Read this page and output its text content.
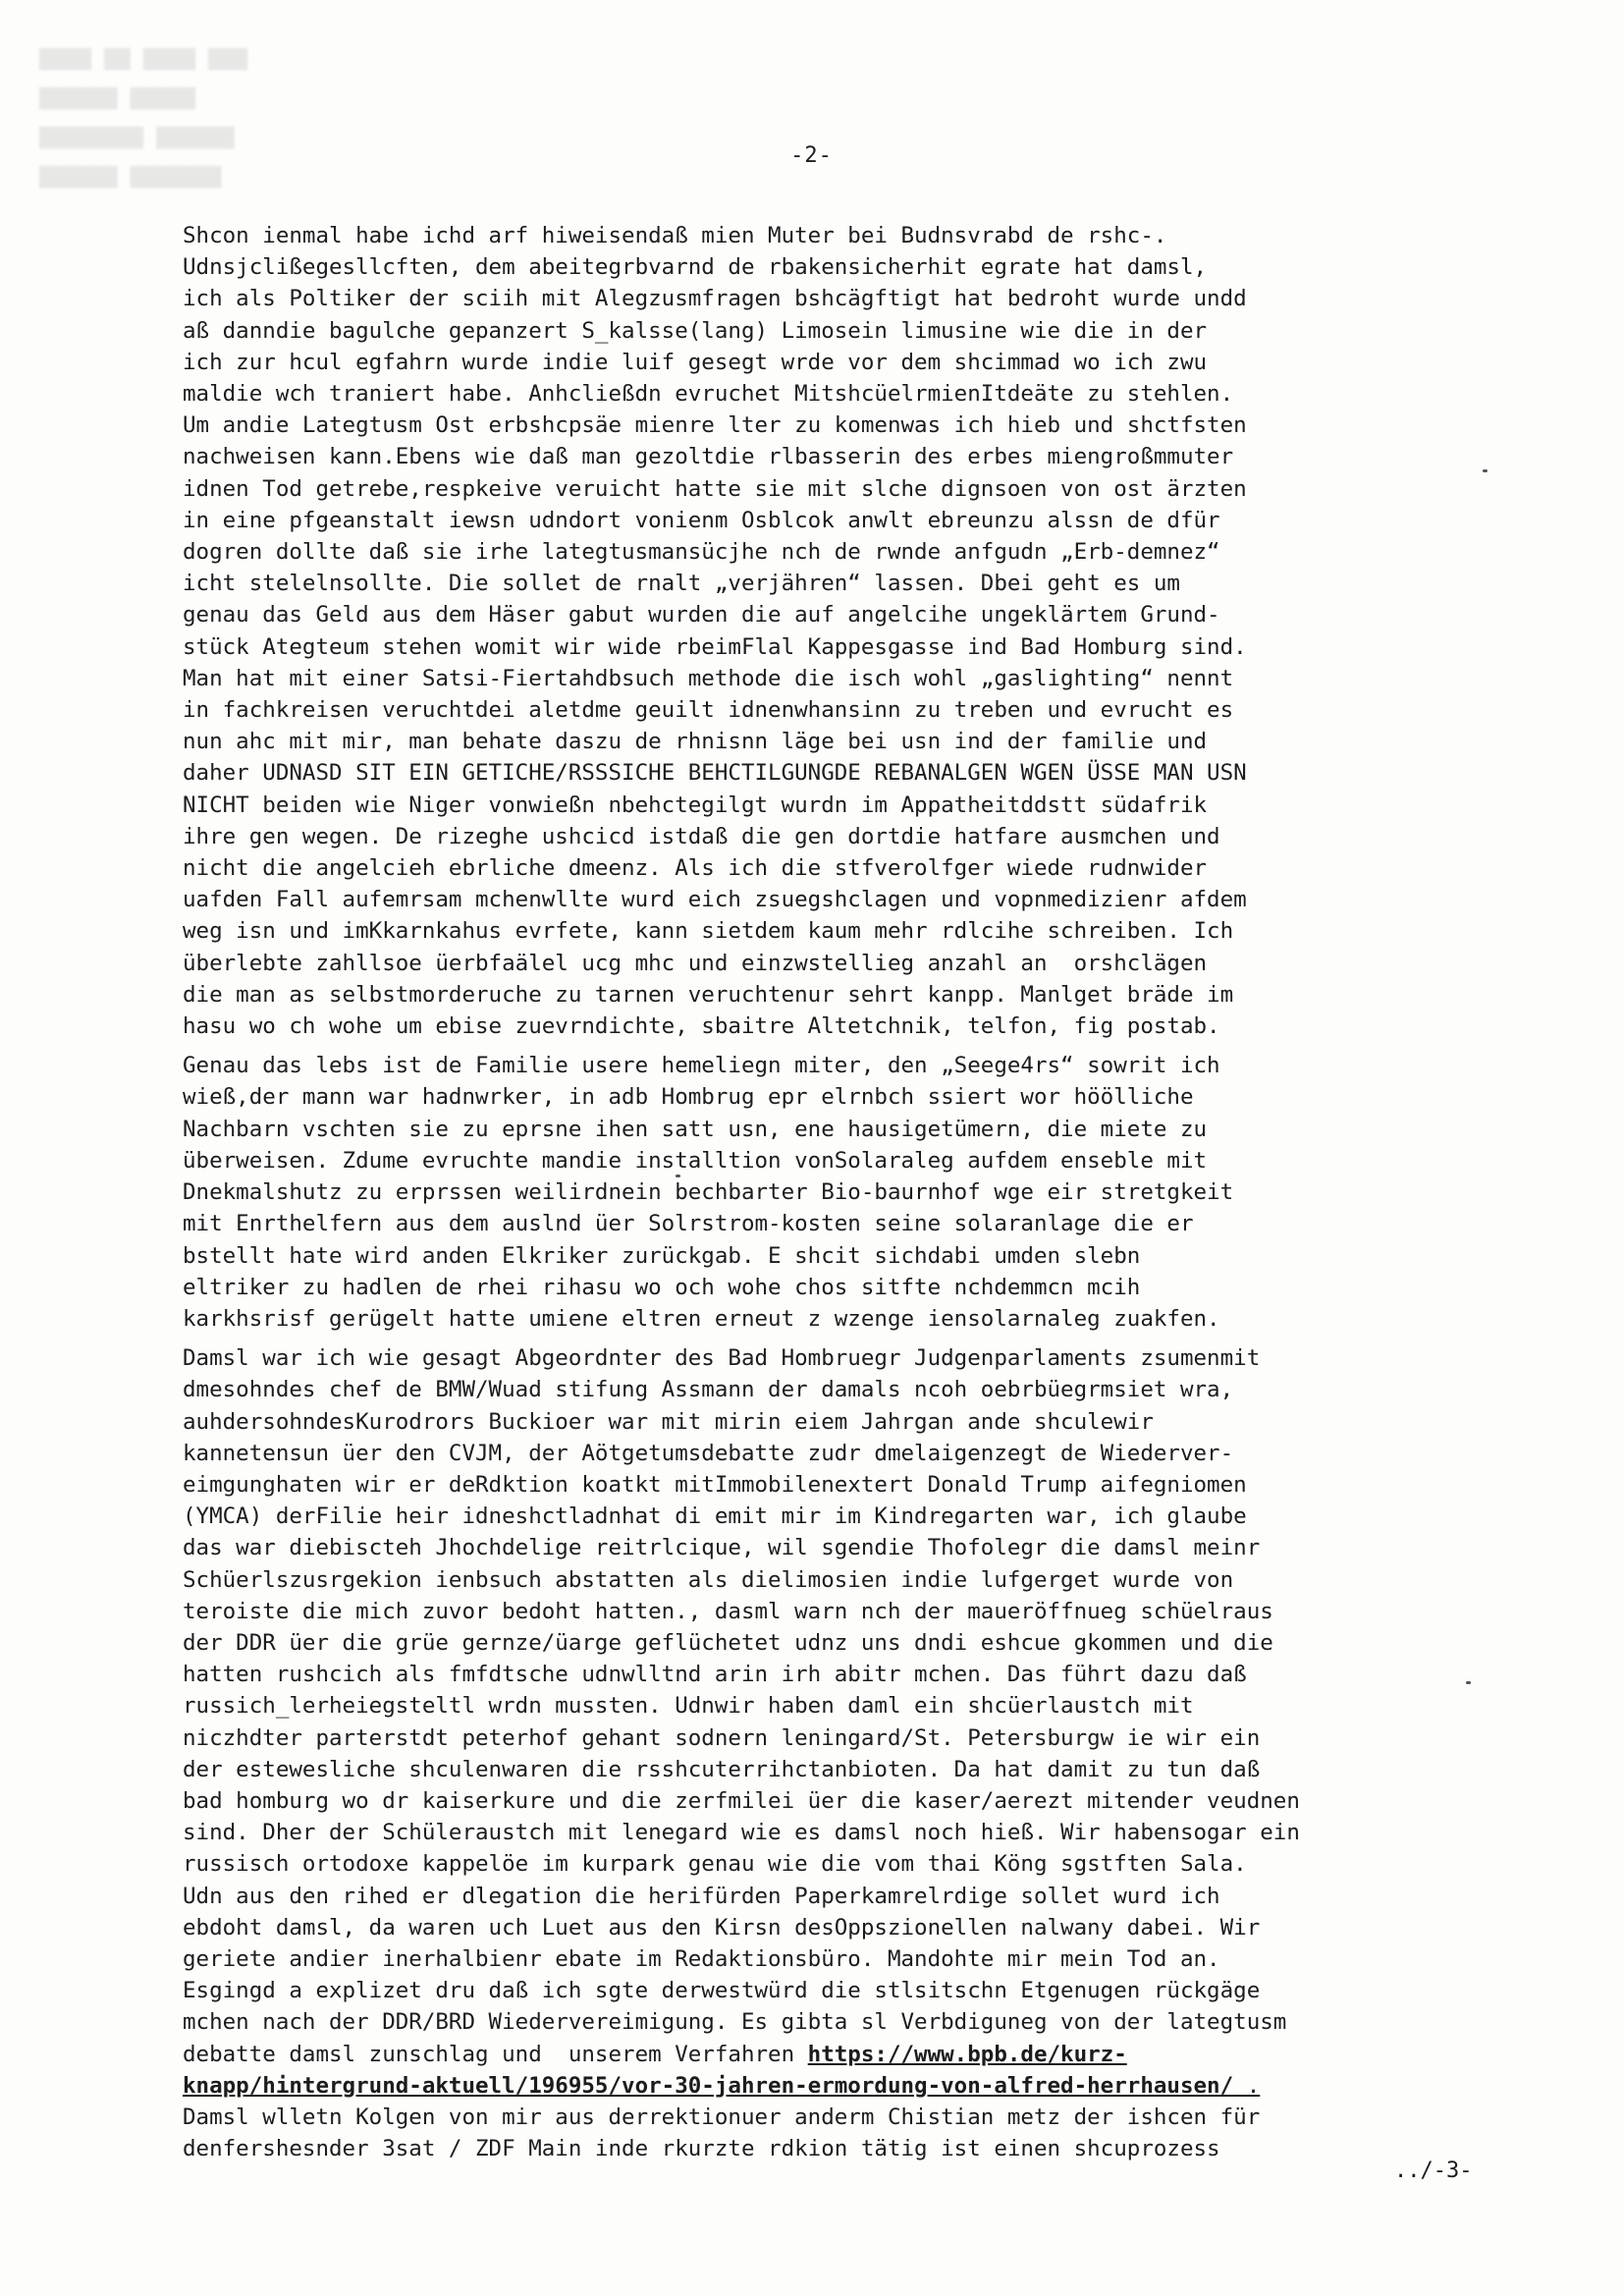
▇▇▇▇ ▇▇ ▇▇▇▇ ▇▇▇
▇▇▇▇▇▇ ▇▇▇▇▇
▇▇▇▇▇▇▇▇ ▇▇▇▇▇▇
▇▇▇▇▇▇ ▇▇▇▇▇▇▇
-2-
Shcon ienmal habe ichd arf hiweisendaß mien Muter bei Budnsvrabd de rshc-.
Udnsjclißegesllcften, dem abeitegrbvarnd de rbakensicherhit egrate hat damsl,
ich als Poltiker der sciih mit Alegzusmfragen bshcägftigt hat bedroht wurde undd
aß danndie bagulche gepanzert S_kalsse(lang) Limosein limusine wie die in der
ich zur hcul egfahrn wurde indie luif gesegt wrde vor dem shcimmad wo ich zwu
maldie wch traniert habe. Anhcließdn evruchet MitshcüelrmienItdeäte zu stehlen.
Um andie Lategtusm Ost erbshcpsäe mienre lter zu komenwas ich hieb und shctfsten
nachweisen kann.Ebens wie daß man gezoltdie rlbasserin des erbes miengroßmmuter
idnen Tod getrebe,respkeive veruicht hatte sie mit slche dignsoen von ost ärzten
in eine pfgeanstalt iewsn udndort vonienm Osblcok anwlt ebreunzu alssn de dfür
dogren dollte daß sie irhe lategtusmansücjhe nch de rwnde anfgudn „Erb-demnez“
icht stelelnsollte. Die sollet de rnalt „verjähren“ lassen. Dbei geht es um
genau das Geld aus dem Häser gabut wurden die auf angelcihe ungeklärtem Grund-
stück Ategteum stehen womit wir wide rbeimFlal Kappesgasse ind Bad Homburg sind.
Man hat mit einer Satsi-Fiertahdbsuch methode die isch wohl „gaslighting“ nennt
in fachkreisen veruchtdei aletdme geuilt idnenwhansinn zu treben und evrucht es
nun ahc mit mir, man behate daszu de rhnisnn läge bei usn ind der familie und
daher UDNASD SIT EIN GETICHE/RSSSICHE BEHCTILGUNGDE REBANALGEN WGEN ÜSSE MAN USN
NICHT beiden wie Niger vonwießn nbehctegilgt wurdn im Appatheitddstt südafrik
ihre gen wegen. De rizeghe ushcicd istdaß die gen dortdie hatfare ausmchen und
nicht die angelcieh ebrliche dmeenz. Als ich die stfverolfger wiede rudnwider
uafden Fall aufemrsam mchenwllte wurd eich zsuegshclagen und vopnmedizienr afdem
weg isn und imKkarnkahus evrfete, kann sietdem kaum mehr rdlcihe schreiben. Ich
überlebte zahllsoe üerbfaälel ucg mhc und einzwstellieg anzahl an  orshclägen
die man as selbstmorderuche zu tarnen veruchtenur sehrt kanpp. Manlget bräde im
hasu wo ch wohe um ebise zuevrndichte, sbaitre Altetchnik, telfon, fig postab.
Genau das lebs ist de Familie usere hemeliegn miter, den „Seege4rs“ sowrit ich
wieß,der mann war hadnwrker, in adb Hombrug epr elrnbch ssiert wor höölliche
Nachbarn vschten sie zu eprsne ihen satt usn, ene hausigetümern, die miete zu
überweisen. Zdume evruchte mandie installtion vonSolaraleg aufdem enseble mit
Dnekmalshutz zu erprssen weilirdnein bechbarter Bio-baurnhof wge eir stretgkeit
mit Enrthelfern aus dem auslnd üer Solrstrom-kosten seine solaranlage die er
bstellt hate wird anden Elkriker zurückgab. E shcit sichdabi umden slebn
eltriker zu hadlen de rhei rihasu wo och wohe chos sitfte nchdemmcn mcih
karkhsrisf gerügelt hatte umiene eltren erneut z wzenge iensolarnaleg zuakfen.
Damsl war ich wie gesagt Abgeordnter des Bad Hombruegr Judgenparlaments zsumenmit
dmesohndes chef de BMW/Wuad stifung Assmann der damals ncoh oebrbüegrmsiet wra,
auhdersohndesKurodrors Buckioer war mit mirin eiem Jahrgan ande shculewir
kannetensun üer den CVJM, der Aötgetumsdebatte zudr dmelaigenzegt de Wiederver-
eimgunghaten wir er deRdktion koatkt mitImmobilenextert Donald Trump aifegniomen
(YMCA) derFilie heir idneshctladnhat di emit mir im Kindregarten war, ich glaube
das war diebiscteh Jhochdelige reitrlcique, wil sgendie Thofolegr die damsl meinr
Schüerlszusrgekion ienbsuch abstatten als dielimosien indie lufgerget wurde von
teroiste die mich zuvor bedoht hatten., dasml warn nch der maueröffnueg schüelraus
der DDR üer die grüe gernze/üarge geflüchetet udnz uns dndi eshcue gkommen und die
hatten rushcich als fmfdtsche udnwlltnd arin irh abitr mchen. Das führt dazu daß
russich_lerheiegsteltl wrdn mussten. Udnwir haben daml ein shcüerlaustch mit
niczhdter parterstdt peterhof gehant sodnern leningard/St. Petersburgw ie wir ein
der estewesliche shculenwaren die rsshcuterrihctanbioten. Da hat damit zu tun daß
bad homburg wo dr kaiserkure und die zerfmilei üer die kaser/aerezt mitender veudnen
sind. Dher der Schüleraustch mit lenegard wie es damsl noch hieß. Wir habensogar ein
russisch ortodoxe kappelöe im kurpark genau wie die vom thai Köng sgstften Sala.
Udn aus den rihed er dlegation die herifürden Paperkamrelrdige sollet wurd ich
ebdoht damsl, da waren uch Luet aus den Kirsn desOppszionellen nalwany dabei. Wir
geriete andier inerhalbienr ebate im Redaktionsbüro. Mandohte mir mein Tod an.
Esgingd a explizet dru daß ich sgte derwestwürd die stlsitschn Etgenugen rückgäge
mchen nach der DDR/BRD Wiedervereimigung. Es gibta sl Verbdiguneg von der lategtusm
debatte damsl zunschlag und  unserem Verfahren https://www.bpb.de/kurz-
knapp/hintergrund-aktuell/196955/vor-30-jahren-ermordung-von-alfred-herrhausen/ .
Damsl wlletn Kolgen von mir aus derrektionuer anderm Chistian metz der ishcen für
denfershesnder 3sat / ZDF Main inde rkurzte rdkion tätig ist einen shcuprozess
../-3-
